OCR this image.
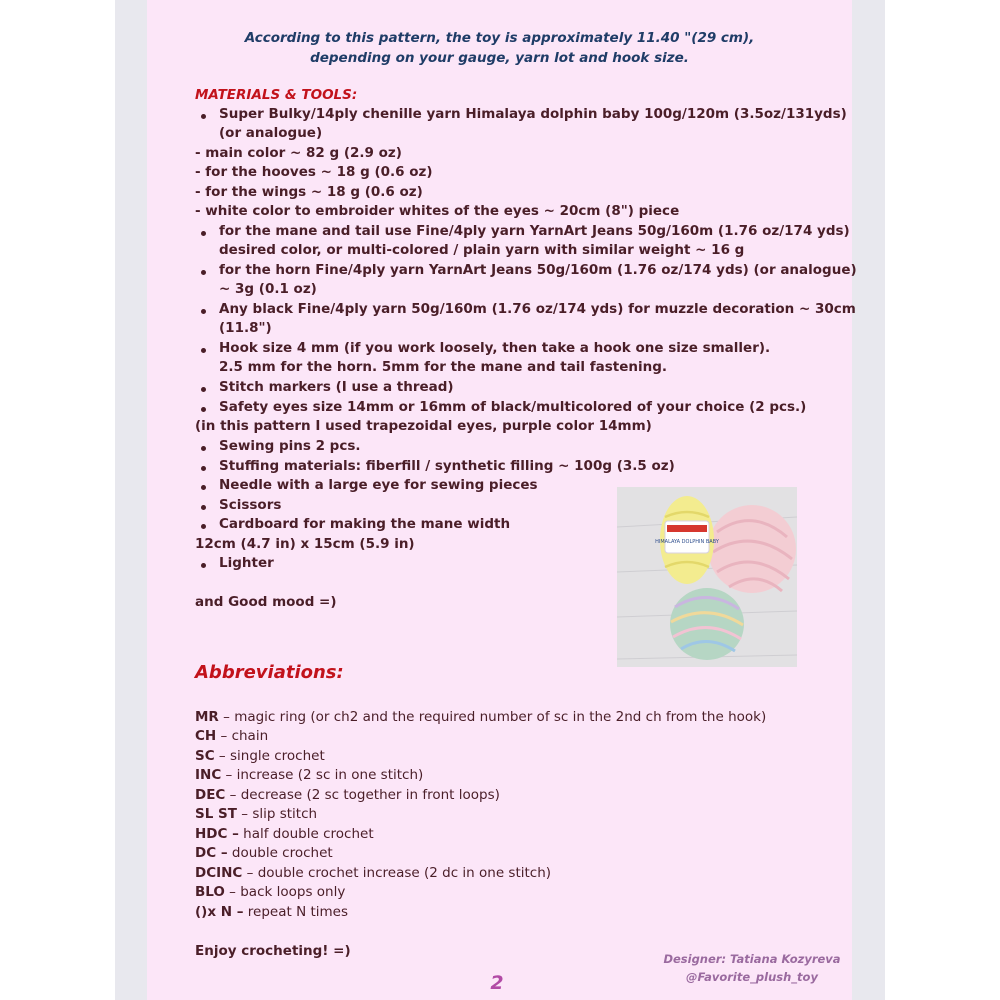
According to this pattern, the toy is approximately 11.40 "(29 cm),
depending on your gauge, yarn lot and hook size.
MATERIALS & TOOLS:
Super Bulky/14ply chenille yarn Himalaya dolphin baby 100g/120m (3.5oz/131yds)
(or analogue)
- main color ~ 82 g (2.9 oz)
- for the hooves ~ 18 g (0.6 oz)
- for the wings ~ 18 g (0.6 oz)
- white color to embroider whites of the eyes ~ 20cm (8") piece
for the mane and tail use Fine/4ply yarn YarnArt Jeans 50g/160m (1.76 oz/174 yds)
desired color, or multi-colored / plain yarn with similar weight ~ 16 g
for the horn Fine/4ply yarn YarnArt Jeans 50g/160m (1.76 oz/174 yds) (or analogue)
~ 3g (0.1 oz)
Any black Fine/4ply yarn 50g/160m (1.76 oz/174 yds) for muzzle decoration ~ 30cm
(11.8")
Hook size 4 mm (if you work loosely, then take a hook one size smaller).
2.5 mm for the horn. 5mm for the mane and tail fastening.
Stitch markers (I use a thread)
Safety eyes size 14mm or 16mm of black/multicolored of your choice (2 pcs.)
(in this pattern I used trapezoidal eyes, purple color 14mm)
Sewing pins 2 pcs.
Stuffing materials: fiberfill / synthetic filling ~ 100g (3.5 oz)
Needle with a large eye for sewing pieces
Scissors
Cardboard for making the mane width
12cm (4.7 in) x 15cm (5.9 in)
Lighter
and Good mood =)
HIMALAYA DOLPHIN BABY
Abbreviations:
MR – magic ring (or ch2 and the required number of sc in the 2nd ch from the hook)
CH – chain
SC – single crochet
INC – increase (2 sc in one stitch)
DEC – decrease (2 sc together in front loops)
SL ST – slip stitch
HDC – half double crochet
DC – double crochet
DCINC – double crochet increase (2 dc in one stitch)
BLO – back loops only
()x N – repeat N times
Enjoy crocheting! =)	Designer: Tatiana Kozyreva
@Favorite_plush_toy
2
